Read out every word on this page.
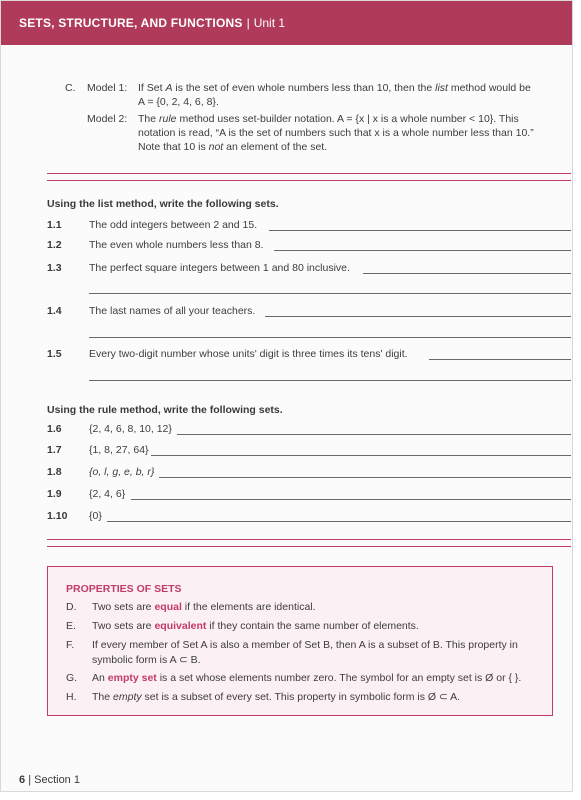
SETS, STRUCTURE, AND FUNCTIONS | Unit 1
C. Model 1: If Set A is the set of even whole numbers less than 10, then the list method would be
A = {0, 2, 4, 6, 8}.
Model 2: The rule method uses set-builder notation. A = {x | x is a whole number < 10}. This
notation is read, “A is the set of numbers such that x is a whole number less than 10.”
Note that 10 is not an element of the set.
Using the list method, write the following sets.
1.1	The odd integers between 2 and 15.
1.2	The even whole numbers less than 8.
1.3	The perfect square integers between 1 and 80 inclusive.
1.4	The last names of all your teachers.
1.5	Every two-digit number whose units' digit is three times its tens' digit.
Using the rule method, write the following sets.
1.6	{2, 4, 6, 8, 10, 12}
1.7	{1, 8, 27, 64}
1.8	{o, l, g, e, b, r}
1.9	{2, 4, 6}
1.10 {0}
PROPERTIES OF SETS
D. Two sets are equal if the elements are identical.
E. Two sets are equivalent if they contain the same number of elements.
F. If every member of Set A is also a member of Set B, then A is a subset of B. This property in
symbolic form is A ⊂ B.
G. An empty set is a set whose elements number zero. The symbol for an empty set is Ø or { }.
H. The empty set is a subset of every set. This property in symbolic form is Ø ⊂ A.
6 | Section 1
